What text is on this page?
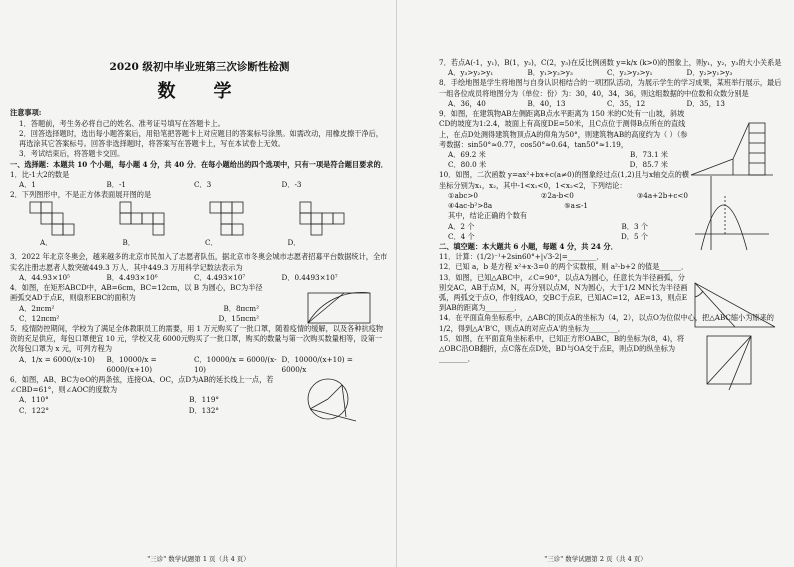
2020 级初中毕业班第三次诊断性检测
数　学

注意事项:

1．答题前，考生务必将自己的姓名、准考证号填写在答题卡上。

2．回答选择题时，选出每小题答案后，用铅笔把答题卡上对应题目的答案标号涂黑。如需改动，用橡皮擦干净后，再选涂其它答案标号。回答非选择题时，将答案写在答题卡上，写在本试卷上无效。

3．考试结束后，将答题卡交回。

一、选择题：本题共 10 个小题，每小题 4 分，共 40 分．在每小题给出的四个选项中，只有一项是符合题目要求的．

1．比-1大2的数是

A．1	B．-1	C．3	D．-3

2．下列图形中，不是正方体表面展开图的是

A．	B．	C．	D．

3．2022 年北京冬奥会，越来越多的北京市民加入了志愿者队伍，据北京市冬奥会城市志愿者招募平台数据统计，全市实名注册志愿者人数突破449.3 万人．其中449.3 万用科学记数法表示为

A．44.93×10⁵	B．4.493×10⁶	C．4.493×10⁷	D．0.4493×10⁷

4．如图，在矩形ABCD中，AB=6cm，BC=12cm，以 B 为圆心，BC为半径画弧交AD于点E，则扇形EBC的面积为

A．2πcm²	B．8πcm²
C．12πcm²	D．15πcm²

5．疫情防控期间，学校为了满足全体教职员工的需要，用 1 万元购买了一批口罩，随着疫情的缓解，以及各种抗疫物资的充足供应，每包口罩便宜 10 元，学校又花 6000元购买了一批口罩，购买的数量与第一次购买数量相等，设第一次每包口罩为 x 元，可列方程为

A．1/x = 6000/(x-10)	B．10000/x = 6000/(x+10)
C．10000/x = 6000/(x-10)
D．10000/(x+10) = 6000/x

6．如图，AB、BC为⊙O的两条弦，连接OA、OC，点D为AB的延长线上一点，若∠CBD=61°，则∠AOC的度数为

A．110°	B．119°
C．122°	D．132°
"三诊" 数学试题第 1 页（共 4 页）

7．若点A(-1，y₁)，B(1，y₂)，C(2，y₃)在反比例函数 y=k/x (k>0)的图象上，则y₁，y₂，y₃的大小关系是

A．y₃>y₂>y₁	B．y₁>y₂>y₃	C．y₂>y₃>y₁	D．y₂>y₁>y₃

8．手绘地图是学生将地图与自身认识相结合的一项团队活动，为展示学生的学习成果，某班举行展示，最后一组各位成员将地图分为（单位：份）为：30，40，34，36，则这组数据的中位数和众数分别是

A．36，40	B．40，13	C．35，12	D．35，13

9．如图，在建筑物AB左侧距离B点水平距离为 150 米的C处有一山坡，斜坡CD的坡度为1:2.4，坡面上有高度DE=50米，且C点位于测得B点所在的直线上，在点D处测得建筑物顶点A的仰角为50°，则建筑物AB的高度约为（ ）（参考数据：sin50°≈0.77，cos50°≈0.64，tan50°≈1.19，

A．69.2 米	B．73.1 米
C．80.0 米	D．85.7 米

10．如图，二次函数 y=ax²+bx+c(a≠0)的图象经过点(1,2)且与x轴交点的横坐标分别为x₁，x₂，其中-1<x₁<0，1<x₂<2，下列结论：

①abc>0	②2a-b<0	③4a+2b+c<0
④4ac-b²>8a	⑤a≤-1

其中，结论正确的个数有

A．2 个	B．3 个
C．4 个	D．5 个

二、填空题：本大题共 6 小题，每题 4 分，共 24 分．

11．计算：(1/2)⁻¹+2sin60°+|√3-2|=________．

12．已知 a，b 是方程 x²+x-3=0 的两个实数根，则 a²-b+2 的值是______．

13．如图，已知△ABC中，∠C=90°，以点A为圆心，任意长为半径画弧，分别交AC，AB于点M，N，再分别以点M，N为圆心，大于1/2 MN长为半径画弧，两弧交于点O，作射线AO，交BC于点E，已知AC=12，AE=13，则点E到AB的距离为________．

14．在平面直角坐标系中，△ABC的顶点A的坐标为（4，2），以点O为位似中心，把△ABC缩小为原来的1/2，得到△A'B'C，则点A的对应点A'的坐标为________．

15．如图，在平面直角坐标系中，已知正方形OABC，B的坐标为(8，4)，将△OBC沿OB翻折，点C落在点D处，BD与OA交于点E，则点D的纵坐标为________．

"三诊" 数学试题第 2 页（共 4 页）
